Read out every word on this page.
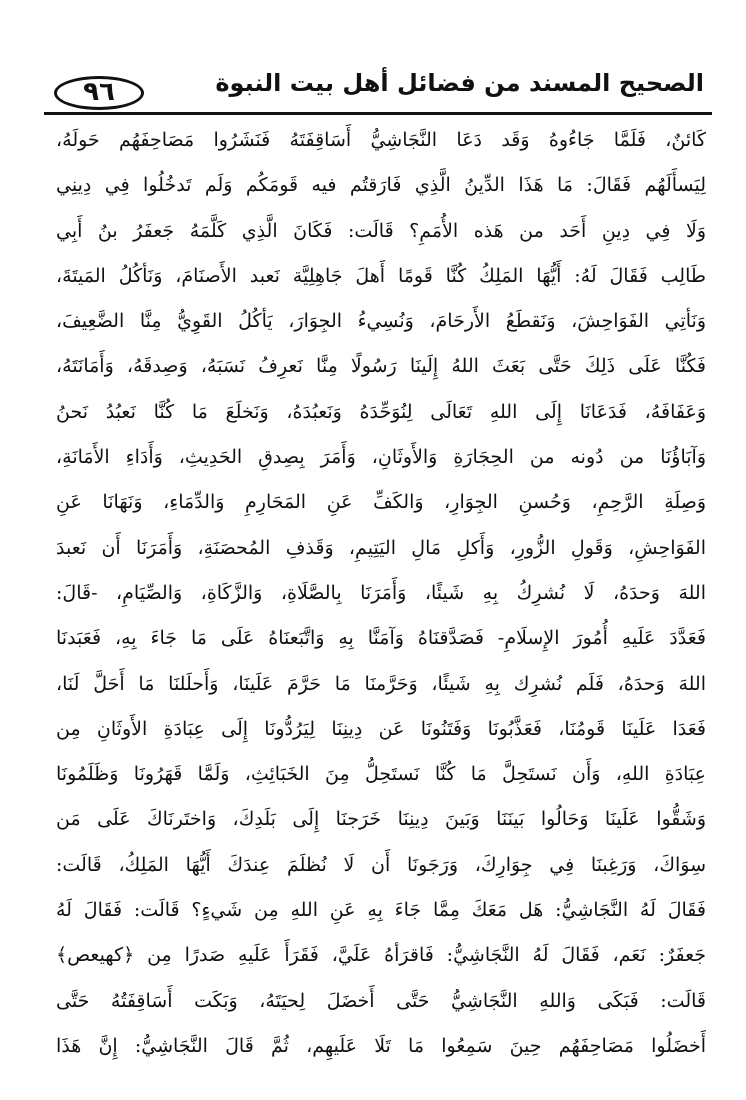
الصحيح المسند من فضائل أهل بيت النبوة
٩٦
كَائنٌ، فَلَمَّا جَاءُوهُ وَقَد دَعَا النَّجَاشِيُّ أَسَاقِفَتَهُ فَنَشَرُوا مَصَاحِفَهُم حَولَهُ،
لِيَسأَلَهُم فَقَالَ: مَا هَذَا الدِّينُ الَّذِي فَارَقتُم فيه قَومَكُم وَلَم تَدخُلُوا فِي دِينِي
وَلَا فِي دِينِ أَحَد من هَذه الأُمَمِ؟ قَالَت: فَكَانَ الَّذِي كَلَّمَهُ جَعفَرُ بنُ أَبِي
طَالِب فَقَالَ لَهُ: أَيُّهَا المَلِكُ كُنَّا قَومًا أَهلَ جَاهِلِيَّة نَعبد الأَصنَامَ، وَنَأكُلُ المَيتَةَ،
وَنَأتِي الفَوَاحِشَ، وَنَقطَعُ الأَرحَامَ، وَنُسِيءُ الجِوَارَ، يَأكُلُ القَوِيُّ مِنَّا الضَّعِيفَ،
فَكُنَّا عَلَى ذَلِكَ حَتَّى بَعَثَ اللهُ إِلَينَا رَسُولًا مِنَّا نَعرِفُ نَسَبَهُ، وَصِدقَهُ، وَأَمَانَتَهُ،
وَعَفَافَهُ، فَدَعَانَا إِلَى اللهِ تَعَالَى لِنُوَحِّدَهُ وَنَعبُدَهُ، وَنَخلَعَ مَا كُنَّا نَعبُدُ نَحنُ
وَآبَاؤُنَا من دُونه من الحِجَارَةِ وَالأَوثَانِ، وَأَمَرَ بِصِدقِ الحَدِيثِ، وَأَدَاءِ الأَمَانَةِ،
وَصِلَةِ الرَّحِمِ، وَحُسنِ الجِوَارِ، وَالكَفِّ عَنِ المَحَارِمِ وَالدِّمَاءِ، وَنَهَانَا عَنِ
الفَوَاحِشِ، وَقَولِ الزُّورِ، وَأَكلِ مَالِ اليَتِيمِ، وَقَذفِ المُحصَنَةِ، وَأَمَرَنَا أَن نَعبدَ
اللهَ وَحدَهُ، لَا نُشرِكُ بِهِ شَيئًا، وَأَمَرَنَا بِالصَّلَاةِ، وَالزَّكَاةِ، وَالصِّيَامِ، -قَالَ:
فَعَدَّدَ عَلَيهِ أُمُورَ الإِسلَامِ- فَصَدَّقنَاهُ وَآمَنَّا بِهِ وَاتَّبَعنَاهُ عَلَى مَا جَاءَ بِهِ، فَعَبَدنَا
اللهَ وَحدَهُ، فَلَم نُشرِك بِهِ شَيئًا، وَحَرَّمنَا مَا حَرَّمَ عَلَينَا، وَأَحلَلنَا مَا أَحَلَّ لَنَا،
فَعَدَا عَلَينَا قَومُنَا، فَعَذَّبُونَا وَفَتَنُونَا عَن دِينِنَا لِيَرُدُّونَا إِلَى عِبَادَةِ الأَوثَانِ مِن
عِبَادَةِ اللهِ، وَأَن نَستَحِلَّ مَا كُنَّا نَستَحِلُّ مِنَ الخَبَائِثِ، وَلَمَّا قَهَرُونَا وَظَلَمُونَا
وَشَقُّوا عَلَينَا وَحَالُوا بَينَنَا وَبَينَ دِينِنَا خَرَجنَا إِلَى بَلَدِكَ، وَاختَرنَاكَ عَلَى مَن
سِوَاكَ، وَرَغِبنَا فِي جِوَارِكَ، وَرَجَونَا أَن لَا نُظلَمَ عِندَكَ أَيُّهَا المَلِكُ، قَالَت:
فَقَالَ لَهُ النَّجَاشِيُّ: هَل مَعَكَ مِمَّا جَاءَ بِهِ عَنِ اللهِ مِن شَيءٍ؟ قَالَت: فَقَالَ لَهُ
جَعفَرٌ: نَعَم، فَقَالَ لَهُ النَّجَاشِيُّ: فَاقرَأهُ عَلَيَّ، فَقَرَأَ عَلَيهِ صَدرًا مِن ﴿كهيعص﴾
قَالَت: فَبَكَى وَاللهِ النَّجَاشِيُّ حَتَّى أَخضَلَ لِحيَتَهُ، وَبَكَت أَسَاقِفَتُهُ حَتَّى
أَخضَلُوا مَصَاحِفَهُم حِينَ سَمِعُوا مَا تَلَا عَلَيهِم، ثُمَّ قَالَ النَّجَاشِيُّ: إِنَّ هَذَا
